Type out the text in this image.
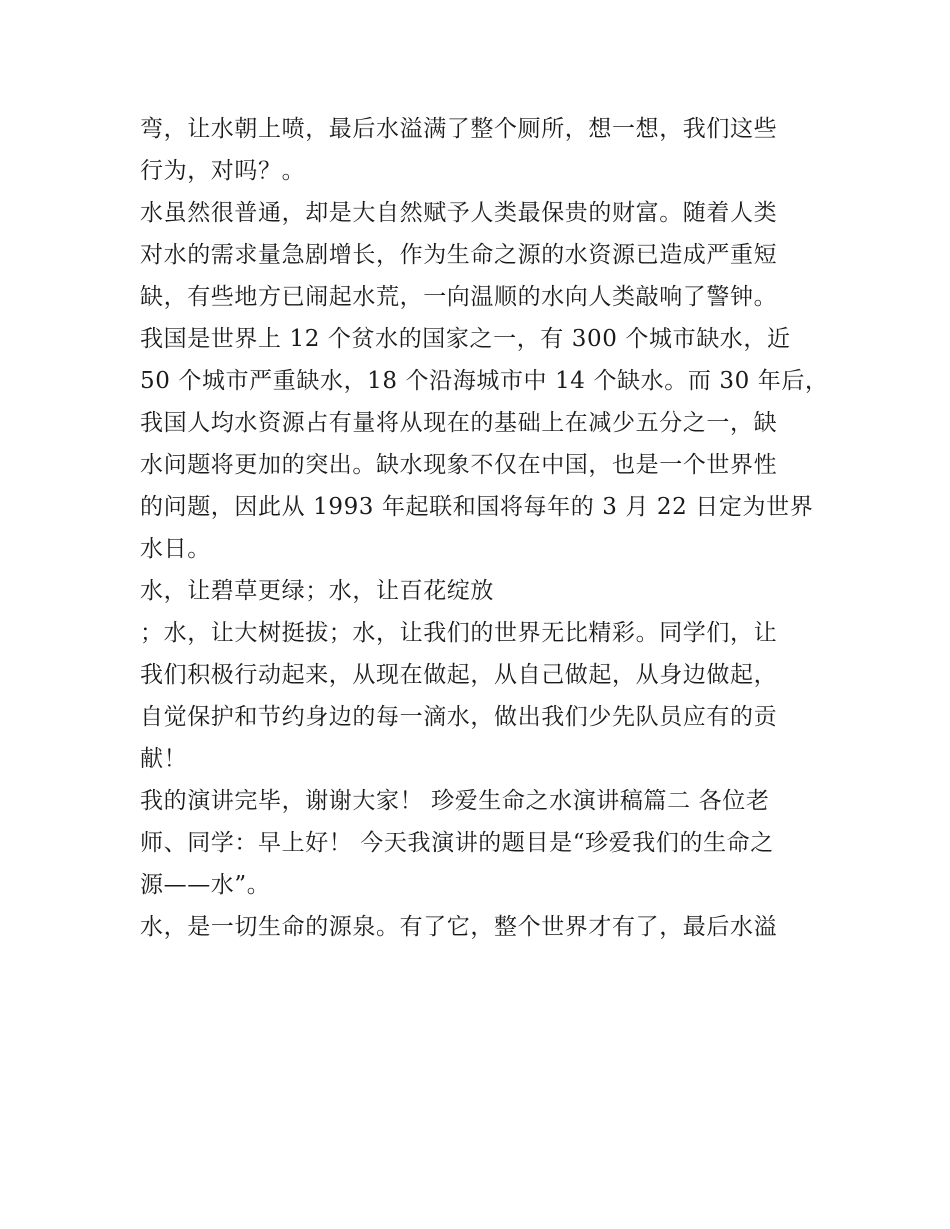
弯，让水朝上喷，最后水溢满了整个厕所，想一想，我们这些
行为，对吗？。
水虽然很普通，却是大自然赋予人类最保贵的财富。随着人类
对水的需求量急剧增长，作为生命之源的水资源已造成严重短
缺，有些地方已闹起水荒，一向温顺的水向人类敲响了警钟。
我国是世界上 12 个贫水的国家之一，有 300 个城市缺水，近
50 个城市严重缺水，18 个沿海城市中 14 个缺水。而 30 年后，
我国人均水资源占有量将从现在的基础上在减少五分之一，缺
水问题将更加的突出。缺水现象不仅在中国，也是一个世界性
的问题，因此从 1993 年起联和国将每年的 3 月 22 日定为世界
水日。
水，让碧草更绿；水，让百花绽放
；水，让大树挺拔；水，让我们的世界无比精彩。同学们，让
我们积极行动起来，从现在做起，从自己做起，从身边做起，
自觉保护和节约身边的每一滴水，做出我们少先队员应有的贡
献！
我的演讲完毕，谢谢大家！ 珍爱生命之水演讲稿篇二 各位老
师、同学：早上好！ 今天我演讲的题目是“珍爱我们的生命之
源——水”。
水，是一切生命的源泉。有了它，整个世界才有了，最后水溢
